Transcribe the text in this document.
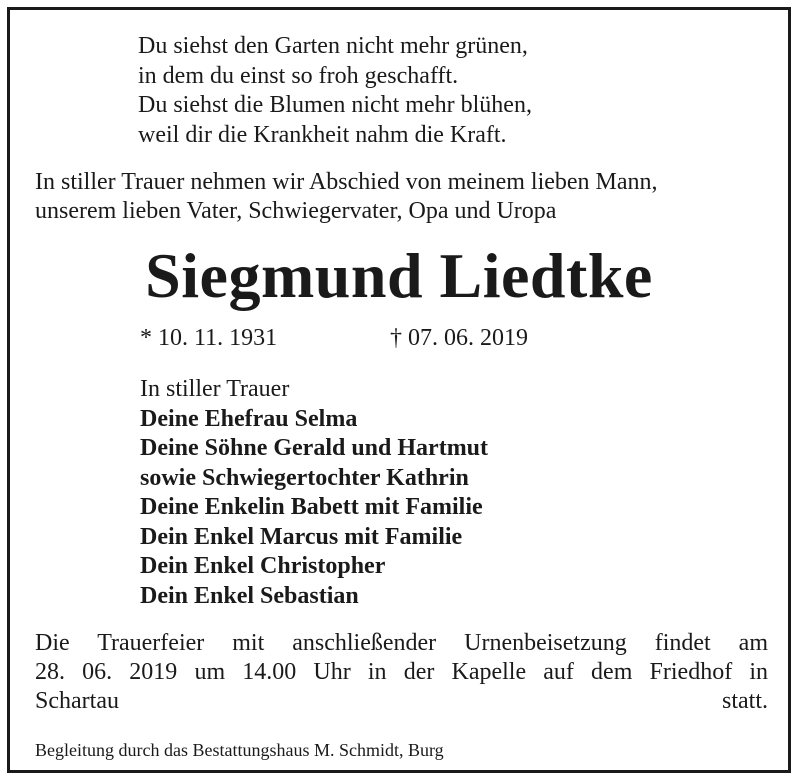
Du siehst den Garten nicht mehr grünen,
in dem du einst so froh geschafft.
Du siehst die Blumen nicht mehr blühen,
weil dir die Krankheit nahm die Kraft.
In stiller Trauer nehmen wir Abschied von meinem lieben Mann,
unserem lieben Vater, Schwiegervater, Opa und Uropa
Siegmund Liedtke
* 10. 11. 1931	† 07. 06. 2019
In stiller Trauer
Deine Ehefrau Selma
Deine Söhne Gerald und Hartmut
sowie Schwiegertochter Kathrin
Deine Enkelin Babett mit Familie
Dein Enkel Marcus mit Familie
Dein Enkel Christopher
Dein Enkel Sebastian
Die Trauerfeier mit anschließender Urnenbeisetzung findet am
28. 06. 2019 um 14.00 Uhr in der Kapelle auf dem Friedhof in
Schartau statt.
Begleitung durch das Bestattungshaus M. Schmidt, Burg
